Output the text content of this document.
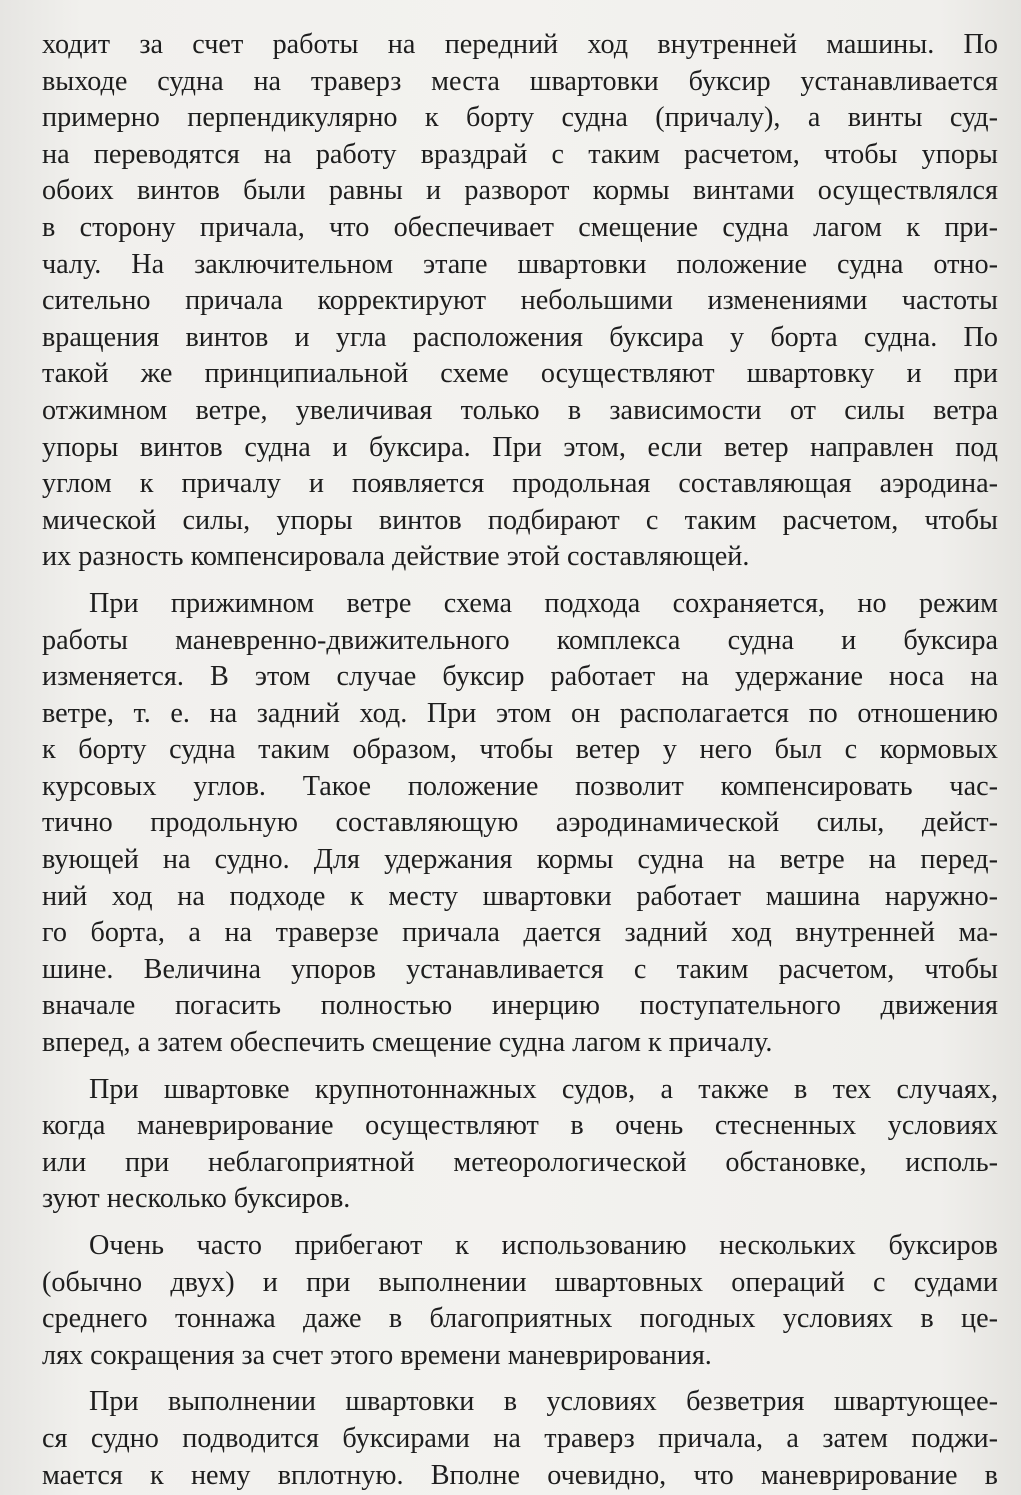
ходит за счет работы на передний ход внутренней машины. По
выходе судна на траверз места швартовки буксир устанавливается
примерно перпендикулярно к борту судна (причалу), а винты суд-
на переводятся на работу враздрай с таким расчетом, чтобы упоры
обоих винтов были равны и разворот кормы винтами осуществлялся
в сторону причала, что обеспечивает смещение судна лагом к при-
чалу. На заключительном этапе швартовки положение судна отно-
сительно причала корректируют небольшими изменениями частоты
вращения винтов и угла расположения буксира у борта судна. По
такой же принципиальной схеме осуществляют швартовку и при
отжимном ветре, увеличивая только в зависимости от силы ветра
упоры винтов судна и буксира. При этом, если ветер направлен под
углом к причалу и появляется продольная составляющая аэродина-
мической силы, упоры винтов подбирают с таким расчетом, чтобы
их разность компенсировала действие этой составляющей.
При прижимном ветре схема подхода сохраняется, но режим
работы маневренно-движительного комплекса судна и буксира
изменяется. В этом случае буксир работает на удержание носа на
ветре, т. е. на задний ход. При этом он располагается по отношению
к борту судна таким образом, чтобы ветер у него был с кормовых
курсовых углов. Такое положение позволит компенсировать час-
тично продольную составляющую аэродинамической силы, дейст-
вующей на судно. Для удержания кормы судна на ветре на перед-
ний ход на подходе к месту швартовки работает машина наружно-
го борта, а на траверзе причала дается задний ход внутренней ма-
шине. Величина упоров устанавливается с таким расчетом, чтобы
вначале погасить полностью инерцию поступательного движения
вперед, а затем обеспечить смещение судна лагом к причалу.
При швартовке крупнотоннажных судов, а также в тех случаях,
когда маневрирование осуществляют в очень стесненных условиях
или при неблагоприятной метеорологической обстановке, исполь-
зуют несколько буксиров.
Очень часто прибегают к использованию нескольких буксиров
(обычно двух) и при выполнении швартовных операций с судами
среднего тоннажа даже в благоприятных погодных условиях в це-
лях сокращения за счет этого времени маневрирования.
При выполнении швартовки в условиях безветрия швартующее-
ся судно подводится буксирами на траверз причала, а затем поджи-
мается к нему вплотную. Вполне очевидно, что маневрирование в
